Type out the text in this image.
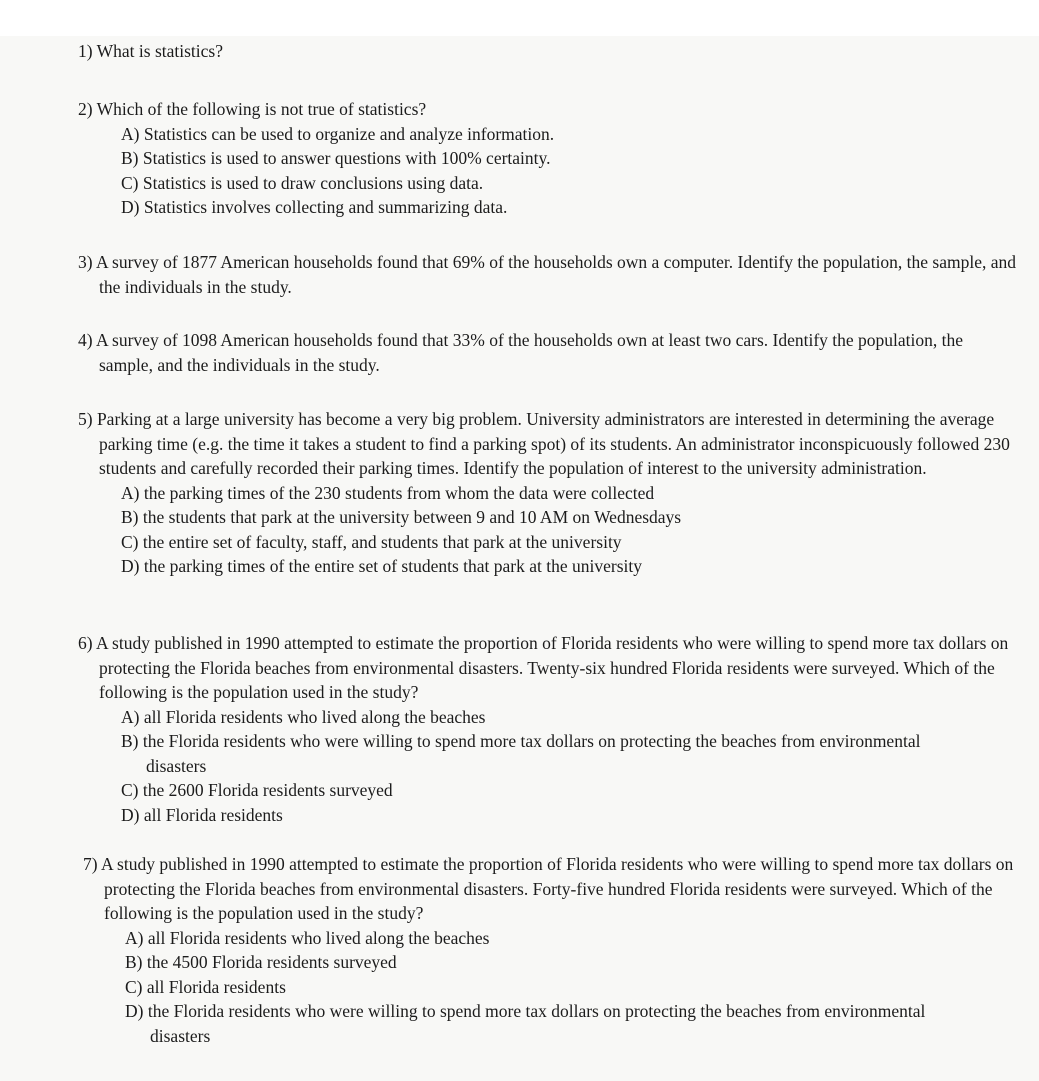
1) What is statistics?

2) Which of the following is not true of statistics?

A) Statistics can be used to organize and analyze information.
B) Statistics is used to answer questions with 100% certainty.
C) Statistics is used to draw conclusions using data.
D) Statistics involves collecting and summarizing data.

3) A survey of 1877 American households found that 69% of the households own a computer. Identify the population, the sample, and the individuals in the study.

4) A survey of 1098 American households found that 33% of the households own at least two cars. Identify the population, the sample, and the individuals in the study.

5) Parking at a large university has become a very big problem. University administrators are interested in determining the average parking time (e.g. the time it takes a student to find a parking spot) of its students. An administrator inconspicuously followed 230 students and carefully recorded their parking times. Identify the population of interest to the university administration.

A) the parking times of the 230 students from whom the data were collected
B) the students that park at the university between 9 and 10 AM on Wednesdays
C) the entire set of faculty, staff, and students that park at the university
D) the parking times of the entire set of students that park at the university

6) A study published in 1990 attempted to estimate the proportion of Florida residents who were willing to spend more tax dollars on protecting the Florida beaches from environmental disasters. Twenty-six hundred Florida residents were surveyed. Which of the following is the population used in the study?

A) all Florida residents who lived along the beaches
B) the Florida residents who were willing to spend more tax dollars on protecting the beaches from environmental disasters
C) the 2600 Florida residents surveyed
D) all Florida residents

7) A study published in 1990 attempted to estimate the proportion of Florida residents who were willing to spend more tax dollars on protecting the Florida beaches from environmental disasters. Forty-five hundred Florida residents were surveyed. Which of the following is the population used in the study?

A) all Florida residents who lived along the beaches
B) the 4500 Florida residents surveyed
C) all Florida residents
D) the Florida residents who were willing to spend more tax dollars on protecting the beaches from environmental disasters
